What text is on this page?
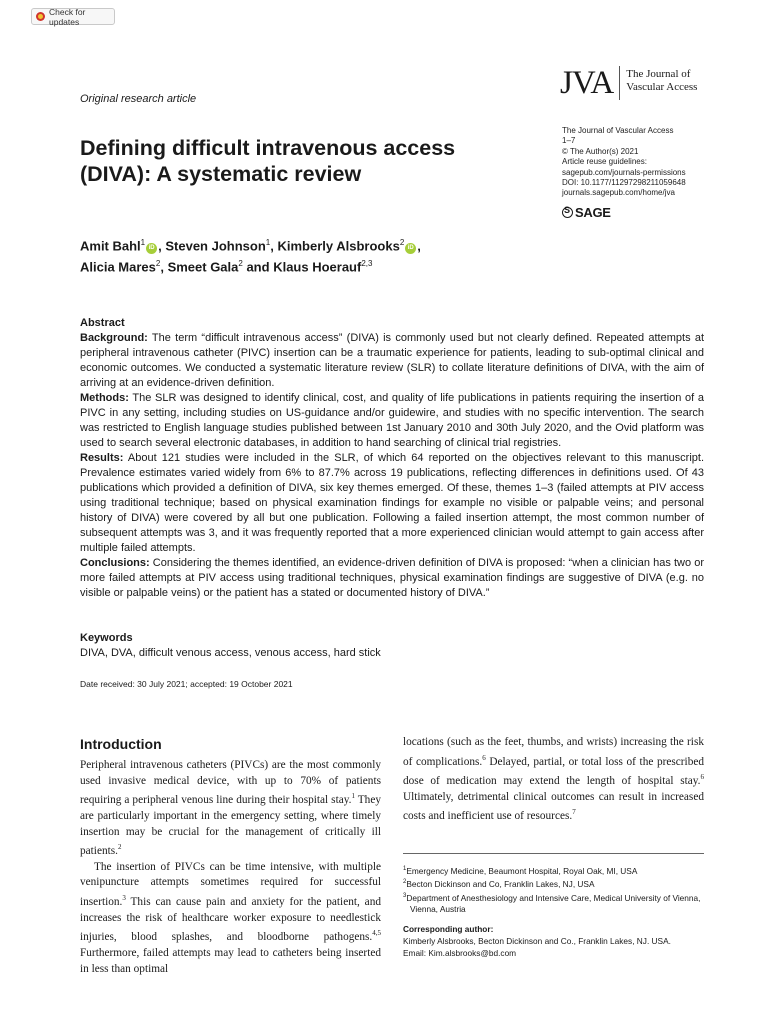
Check for updates
Original research article	JVA	The Journal of
Vascular Access
Defining difficult intravenous access
(DIVA): A systematic review
The Journal of Vascular Access
1–7
© The Author(s) 2021
Article reuse guidelines:
sagepub.com/journals-permissions
DOI: 10.1177/11297298211059648
journals.sagepub.com/home/jva
S
SAGE
Amit Bahl$^1$iD , Steven Johnson$^1$, Kimberly Alsbrooks$^2$iD ,
Alicia Mares$^2$, Smeet Gala$^2$ and Klaus Hoerauf$^{2,3}$
Abstract

Background: The term “difficult intravenous access” (DIVA) is commonly used but not clearly defined. Repeated attempts at peripheral intravenous catheter (PIVC) insertion can be a traumatic experience for patients, leading to sub-optimal clinical and economic outcomes. We conducted a systematic literature review (SLR) to collate literature definitions of DIVA, with the aim of arriving at an evidence-driven definition.

Methods: The SLR was designed to identify clinical, cost, and quality of life publications in patients requiring the insertion of a PIVC in any setting, including studies on US-guidance and/or guidewire, and studies with no specific intervention. The search was restricted to English language studies published between 1st January 2010 and 30th July 2020, and the Ovid platform was used to search several electronic databases, in addition to hand searching of clinical trial registries.

Results: About 121 studies were included in the SLR, of which 64 reported on the objectives relevant to this manuscript. Prevalence estimates varied widely from 6% to 87.7% across 19 publications, reflecting differences in definitions used. Of 43 publications which provided a definition of DIVA, six key themes emerged. Of these, themes 1–3 (failed attempts at PIV access using traditional technique; based on physical examination findings for example no visible or palpable veins; and personal history of DIVA) were covered by all but one publication. Following a failed insertion attempt, the most common number of subsequent attempts was 3, and it was frequently reported that a more experienced clinician would attempt to gain access after multiple failed attempts.

Conclusions: Considering the themes identified, an evidence-driven definition of DIVA is proposed: “when a clinician has two or more failed attempts at PIV access using traditional techniques, physical examination findings are suggestive of DIVA (e.g. no visible or palpable veins) or the patient has a stated or documented history of DIVA.”

Keywords
DIVA, DVA, difficult venous access, venous access, hard stick
Date received: 30 July 2021; accepted: 19 October 2021
Introduction

Peripheral intravenous catheters (PIVCs) are the most commonly used invasive medical device, with up to 70% of patients requiring a peripheral venous line during their hospital stay.$^1$ They are particularly important in the emergency setting, where timely insertion may be crucial for the management of critically ill patients.$^2$

The insertion of PIVCs can be time intensive, with multiple venipuncture attempts sometimes required for successful insertion.$^3$ This can cause pain and anxiety for the patient, and increases the risk of healthcare worker exposure to needlestick injuries, blood splashes, and bloodborne pathogens.$^{4,5}$ Furthermore, failed attempts may lead to catheters being inserted in less than optimal

locations (such as the feet, thumbs, and wrists) increasing the risk of complications.$^6$ Delayed, partial, or total loss of the prescribed dose of medication may extend the length of hospital stay.$^6$ Ultimately, detrimental clinical outcomes can result in increased costs and inefficient use of resources.$^7$
$^1$Emergency Medicine, Beaumont Hospital, Royal Oak, MI, USA
$^2$Becton Dickinson and Co, Franklin Lakes, NJ, USA
$^3$Department of Anesthesiology and Intensive Care, Medical University of Vienna, Vienna, Austria
Corresponding author:
Kimberly Alsbrooks, Becton Dickinson and Co., Franklin Lakes, NJ. USA.
Email: Kim.alsbrooks@bd.com
